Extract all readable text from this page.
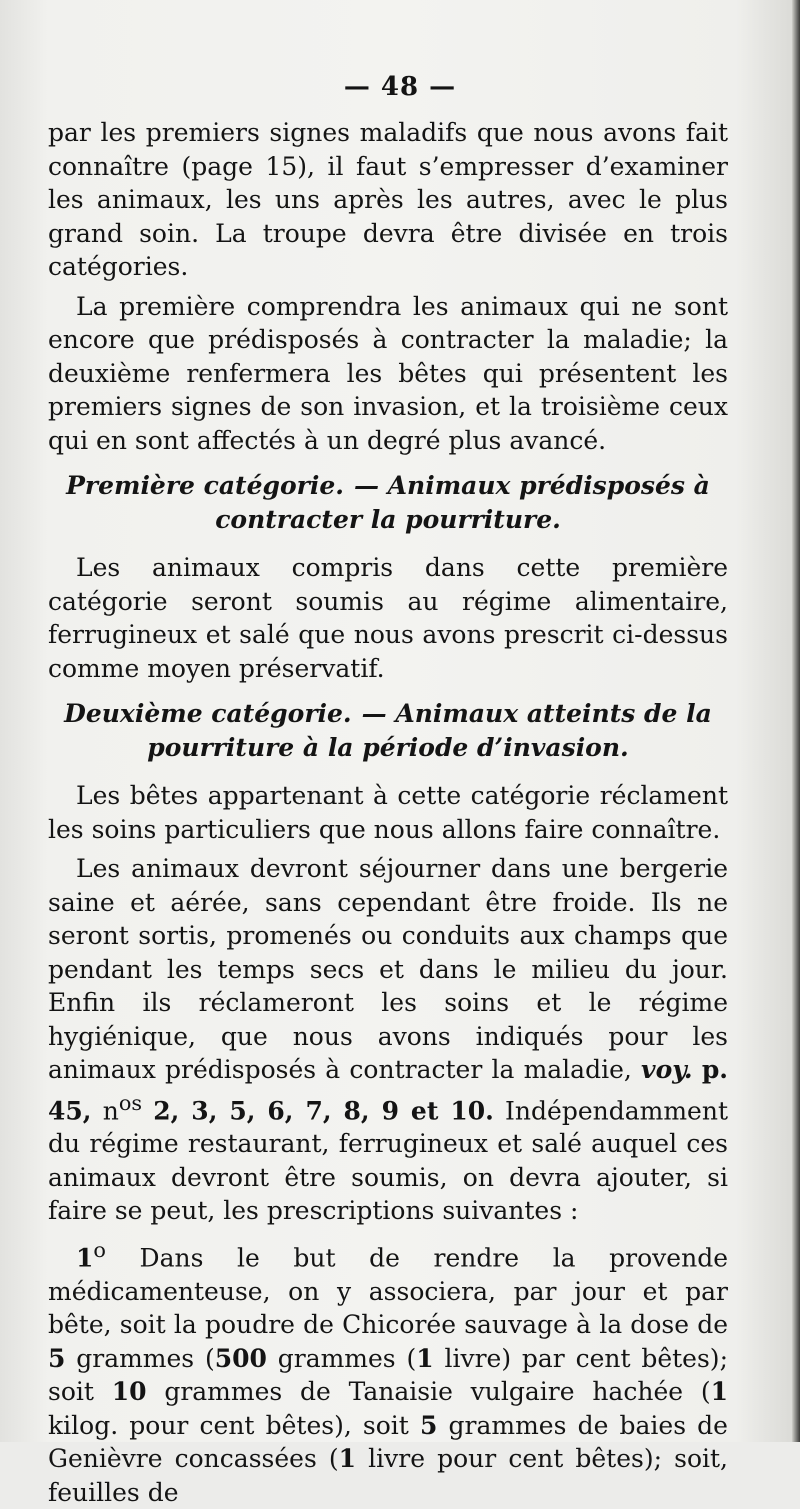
— 48 —

par les premiers signes maladifs que nous avons fait connaître (page 15), il faut s’empresser d’examiner les animaux, les uns après les autres, avec le plus grand soin. La troupe devra être divisée en trois catégories.

La première comprendra les animaux qui ne sont encore que prédisposés à contracter la maladie; la deuxième renfermera les bêtes qui présentent les premiers signes de son invasion, et la troisième ceux qui en sont affectés à un degré plus avancé.

Première catégorie. — Animaux prédisposés à contracter la pourriture.

Les animaux compris dans cette première catégorie seront soumis au régime alimentaire, ferrugineux et salé que nous avons prescrit ci-dessus comme moyen préservatif.

Deuxième catégorie. — Animaux atteints de la pourriture à la période d’invasion.

Les bêtes appartenant à cette catégorie réclament les soins particuliers que nous allons faire connaître.

Les animaux devront séjourner dans une bergerie saine et aérée, sans cependant être froide. Ils ne seront sortis, promenés ou conduits aux champs que pendant les temps secs et dans le milieu du jour. Enfin ils réclameront les soins et le régime hygiénique, que nous avons indiqués pour les animaux prédisposés à contracter la maladie, voy. p. 45, $n^{os}$ 2, 3, 5, 6, 7, 8, 9 et 10. Indépendamment du régime restaurant, ferrugineux et salé auquel ces animaux devront être soumis, on devra ajouter, si faire se peut, les prescriptions suivantes :

1$^o$ Dans le but de rendre la provende médicamenteuse, on y associera, par jour et par bête, soit la poudre de Chicorée sauvage à la dose de 5 grammes (500 grammes (1 livre) par cent bêtes); soit 10 grammes de Tanaisie vulgaire hachée (1 kilog. pour cent bêtes), soit 5 grammes de baies de Genièvre concassées (1 livre pour cent bêtes); soit, feuilles de
